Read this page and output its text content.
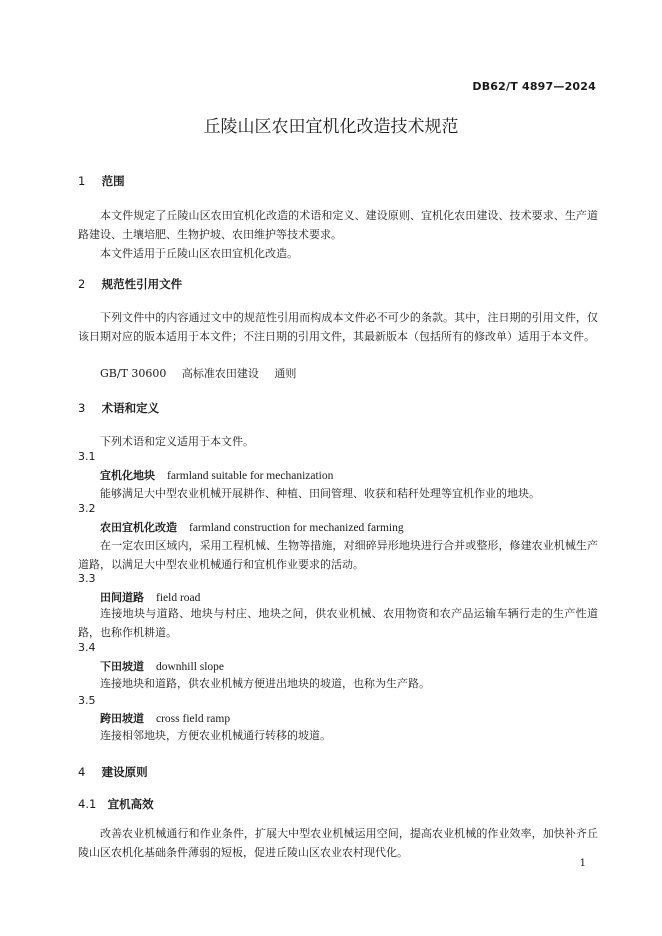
DB62/T 4897—2024
丘陵山区农田宜机化改造技术规范
1 范围
本文件规定了丘陵山区农田宜机化改造的术语和定义、建设原则、宜机化农田建设、技术要求、生产道路建设、土壤培肥、生物护坡、农田维护等技术要求。
本文件适用于丘陵山区农田宜机化改造。
2 规范性引用文件
下列文件中的内容通过文中的规范性引用而构成本文件必不可少的条款。其中，注日期的引用文件，仅该日期对应的版本适用于本文件；不注日期的引用文件，其最新版本（包括所有的修改单）适用于本文件。
GB/T 30600 高标准农田建设 通则
3 术语和定义
下列术语和定义适用于本文件。
3.1
宜机化地块 farmland suitable for mechanization
能够满足大中型农业机械开展耕作、种植、田间管理、收获和秸秆处理等宜机作业的地块。
3.2
农田宜机化改造 farmland construction for mechanized farming
在一定农田区域内，采用工程机械、生物等措施，对细碎异形地块进行合并或整形，修建农业机械生产道路，以满足大中型农业机械通行和宜机作业要求的活动。
3.3
田间道路 field road
连接地块与道路、地块与村庄、地块之间，供农业机械、农用物资和农产品运输车辆行走的生产性道路，也称作机耕道。
3.4
下田坡道 downhill slope
连接地块和道路，供农业机械方便进出地块的坡道，也称为生产路。
3.5
跨田坡道 cross field ramp
连接相邻地块，方便农业机械通行转移的坡道。
4 建设原则
4.1 宜机高效
改善农业机械通行和作业条件，扩展大中型农业机械运用空间，提高农业机械的作业效率，加快补齐丘陵山区农机化基础条件薄弱的短板，促进丘陵山区农业农村现代化。
1
